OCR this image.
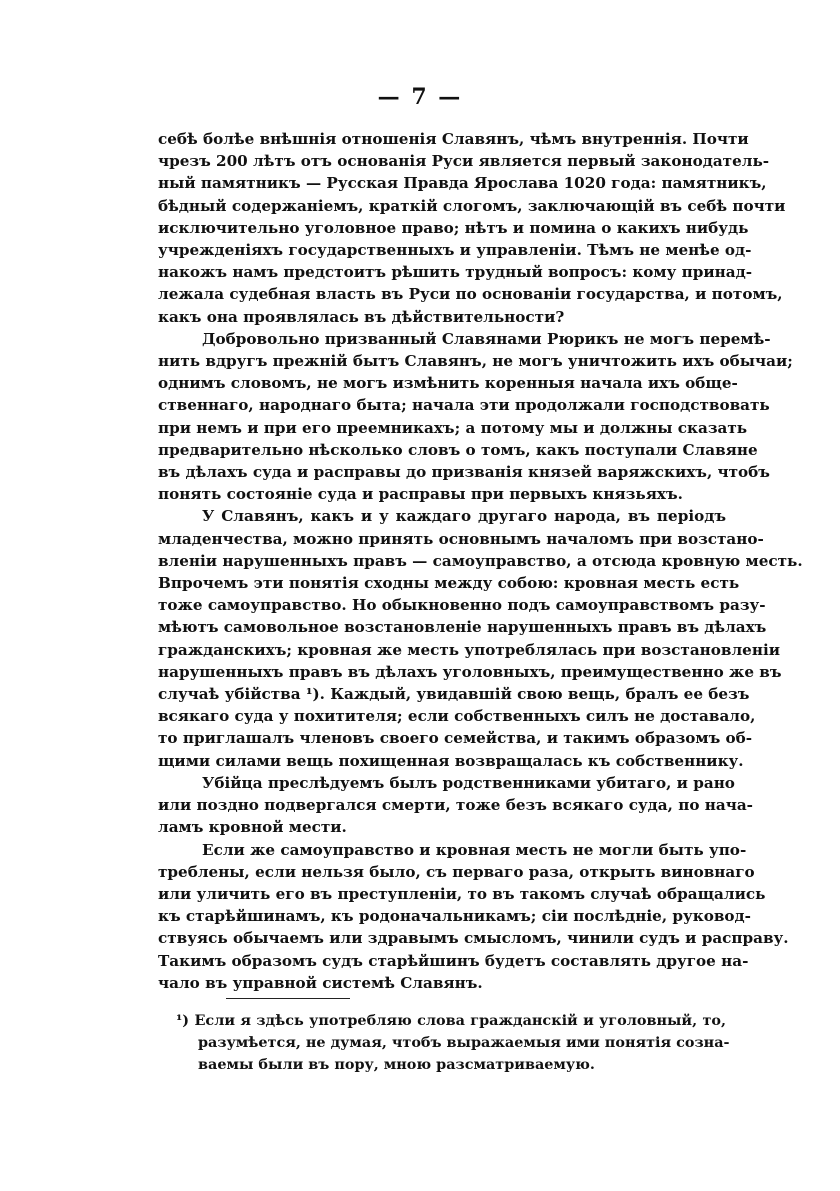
— 7 —

себѣ болѣе внѣшнія отношенія Славянъ, чѣмъ внутреннія. Почти
чрезъ 200 лѣтъ отъ основанія Руси является первый законодатель-
ный памятникъ — Русская Правда Ярослава 1020 года: памятникъ,
бѣдный содержаніемъ, краткій слогомъ, заключающій въ себѣ почти
исключительно уголовное право; нѣтъ и помина о какихъ нибудь
учрежденіяхъ государственныхъ и управленіи. Тѣмъ не менѣе од-
накожъ намъ предстоитъ рѣшить трудный вопросъ: кому принад-
лежала судебная власть въ Руси по основаніи государства, и потомъ,
какъ она проявлялась въ дѣйствительности?

Добровольно призванный Славянами Рюрикъ не могъ перемѣ-
нить вдругъ прежній бытъ Славянъ, не могъ уничтожить ихъ обычаи;
однимъ словомъ, не могъ измѣнить коренныя начала ихъ обще-
ственнаго, народнаго быта; начала эти продолжали господствовать
при немъ и при его преемникахъ; а потому мы и должны сказать
предварительно нѣсколько словъ о томъ, какъ поступали Славяне
въ дѣлахъ суда и расправы до призванія князей варяжскихъ, чтобъ
понять состояніе суда и расправы при первыхъ князьяхъ.

У Славянъ, какъ и у каждаго другаго народа, въ періодъ
младенчества, можно принять основнымъ началомъ при возстано-
вленіи нарушенныхъ правъ — самоуправство, а отсюда кровную месть.
Впрочемъ эти понятія сходны между собою: кровная месть есть
тоже самоуправство. Но обыкновенно подъ самоуправствомъ разу-
мѣютъ самовольное возстановленіе нарушенныхъ правъ въ дѣлахъ
гражданскихъ; кровная же месть употреблялась при возстановленіи
нарушенныхъ правъ въ дѣлахъ уголовныхъ, преимущественно же въ
случаѣ убійства ¹). Каждый, увидавшій свою вещь, бралъ ее безъ
всякаго суда у похитителя; если собственныхъ силъ не доставало,
то приглашалъ членовъ своего семейства, и такимъ образомъ об-
щими силами вещь похищенная возвращалась къ собственнику.

Убійца преслѣдуемъ былъ родственниками убитаго, и рано
или поздно подвергался смерти, тоже безъ всякаго суда, по нача-
ламъ кровной мести.

Если же самоуправство и кровная месть не могли быть упо-
треблены, если нельзя было, съ перваго раза, открыть виновнаго
или уличить его въ преступленіи, то въ такомъ случаѣ обращались
къ старѣйшинамъ, къ родоначальникамъ; сіи послѣдніе, руковод-
ствуясь обычаемъ или здравымъ смысломъ, чинили судъ и расправу.
Такимъ образомъ судъ старѣйшинъ будетъ составлять другое на-
чало въ управной системѣ Славянъ.

¹) Если я здѣсь употребляю слова гражданскій и уголовный, то,
разумѣется, не думая, чтобъ выражаемыя ими понятія созна-
ваемы были въ пору, мною разсматриваемую.
